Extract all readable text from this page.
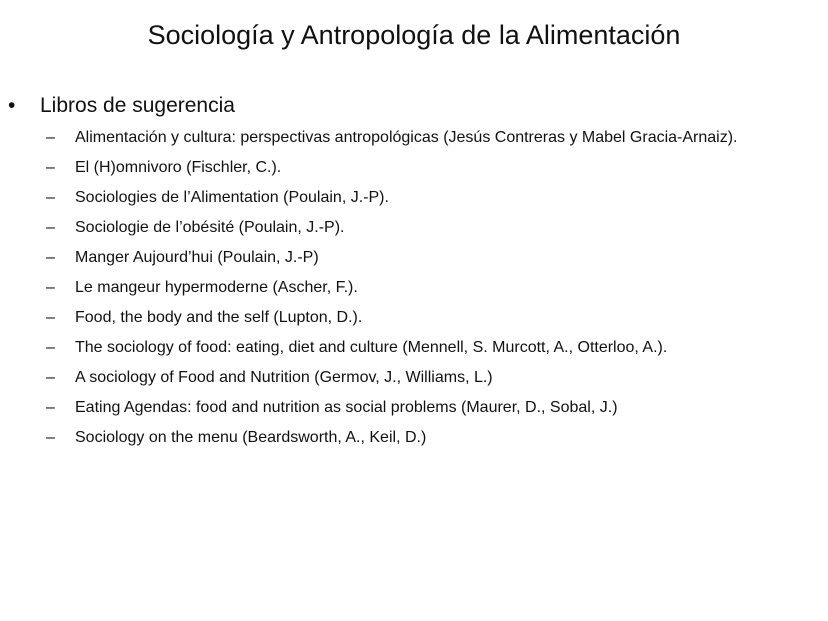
Sociología y Antropología de la Alimentación
•	Libros de sugerencia
–	Alimentación y cultura: perspectivas antropológicas (Jesús Contreras y Mabel Gracia-Arnaiz).
–	El (H)omnivoro (Fischler, C.).
–	Sociologies de l’Alimentation (Poulain, J.-P).
–	Sociologie de l’obésité (Poulain, J.-P).
–	Manger Aujourd’hui (Poulain, J.-P)
–	Le mangeur hypermoderne (Ascher, F.).
–	Food, the body and the self (Lupton, D.).
–	The sociology of food: eating, diet and culture (Mennell, S. Murcott, A., Otterloo, A.).
–	A sociology of Food and Nutrition (Germov, J., Williams, L.)
–	Eating Agendas: food and nutrition as social problems (Maurer, D., Sobal, J.)
–	Sociology on the menu (Beardsworth, A., Keil, D.)
